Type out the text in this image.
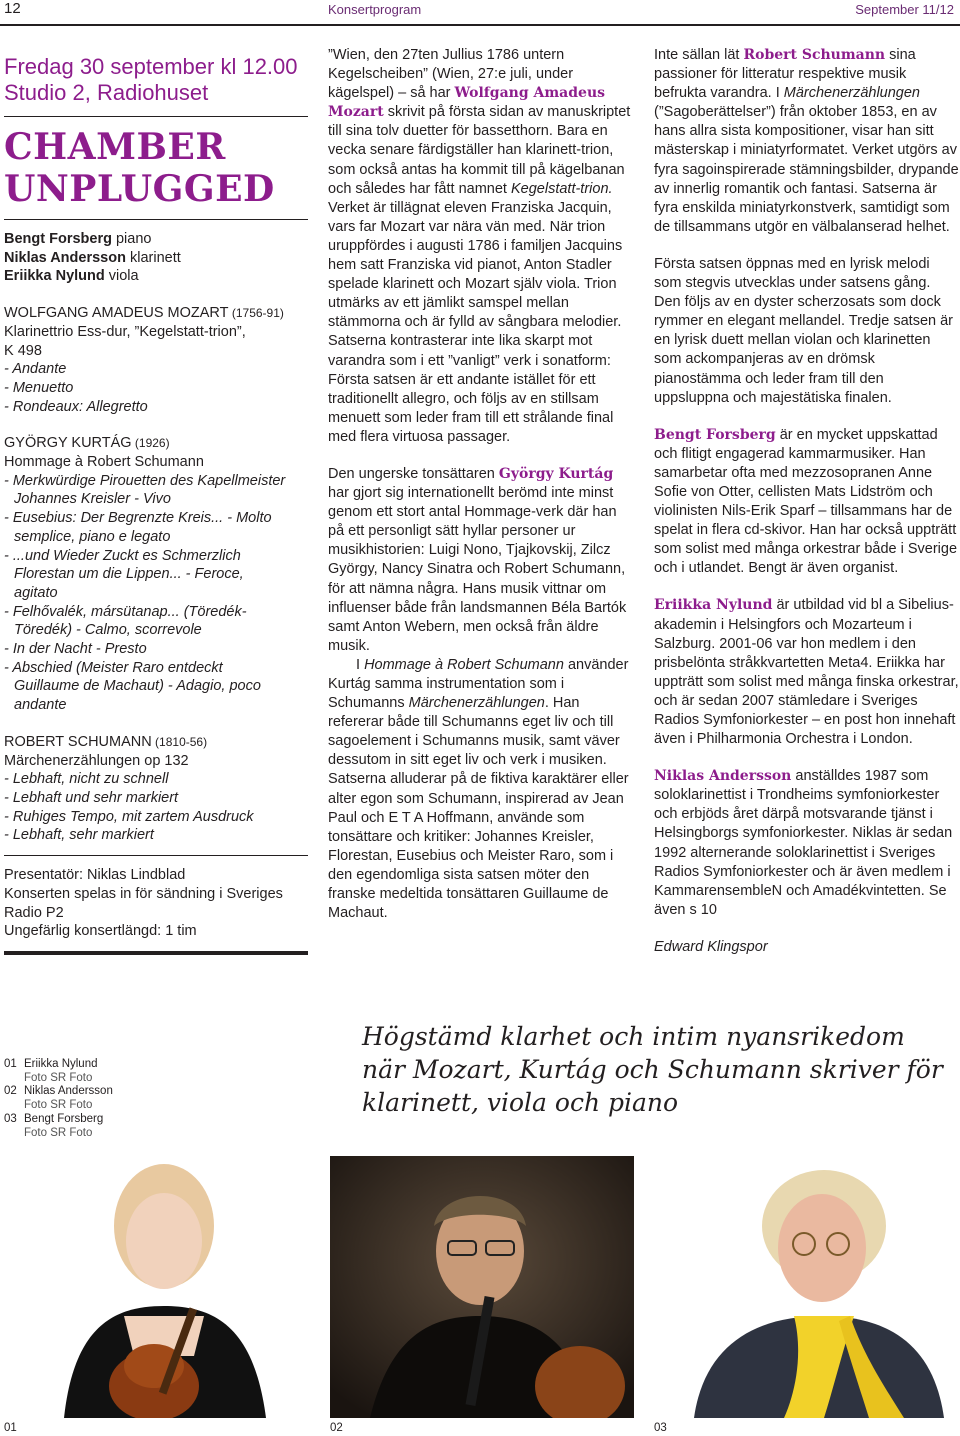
12	Konsertprogram	September 11/12
Fredag 30 september kl 12.00
Studio 2, Radiohuset
CHAMBER
UNPLUGGED
Bengt Forsberg piano
Niklas Andersson klarinett
Eriikka Nylund viola
WOLFGANG AMADEUS MOZART (1756-91)
Klarinettrio Ess-dur, ”Kegelstatt-trion”,
K 498
- Andante
- Menuetto
- Rondeaux: Allegretto
GYÖRGY KURTÁG (1926)
Hommage à Robert Schumann
- Merkwürdige Pirouetten des Kapellmeister
Johannes Kreisler - Vivo
- Eusebius: Der Begrenzte Kreis... - Molto
semplice, piano e legato
- ...und Wieder Zuckt es Schmerzlich
Florestan um die Lippen... - Feroce,
agitato
- Felhővalék, mársütanap... (Töredék-
Töredék) - Calmo, scorrevole
- In der Nacht - Presto
- Abschied (Meister Raro entdeckt
Guillaume de Machaut) - Adagio, poco
andante
ROBERT SCHUMANN (1810-56)
Märchenerzählungen op 132
- Lebhaft, nicht zu schnell
- Lebhaft und sehr markiert
- Ruhiges Tempo, mit zartem Ausdruck
- Lebhaft, sehr markiert
Presentatör: Niklas Lindblad
Konserten spelas in för sändning i Sveriges
Radio P2
Ungefärlig konsertlängd: 1 tim

”Wien, den 27ten Jullius 1786 untern Kegelscheiben” (Wien, 27:e juli, under kägelspel) – så har Wolfgang Amadeus Mozart skrivit på första sidan av manuskriptet till sina tolv duetter för bassetthorn. Bara en vecka senare färdigställer han klarinett-trion, som också antas ha kommit till på kägelbanan och således har fått namnet Kegelstatt-trion. Verket är tillägnat eleven Franziska Jacquin, vars far Mozart var nära vän med. När trion uruppfördes i augusti 1786 i familjen Jacquins hem satt Franziska vid pianot, Anton Stadler spelade klarinett och Mozart själv viola. Trion utmärks av ett jämlikt samspel mellan stämmorna och är fylld av sångbara melodier. Satserna kontrasterar inte lika skarpt mot varandra som i ett ”vanligt” verk i sonatform: Första satsen är ett andante istället för ett traditionellt allegro, och följs av en stillsam menuett som leder fram till ett strålande final med flera virtuosa passager.

Den ungerske tonsättaren György Kurtág har gjort sig internationellt berömd inte minst genom ett stort antal Hommage-verk där han på ett personligt sätt hyllar personer ur musikhistorien: Luigi Nono, Tjajkovskij, Zilcz György, Nancy Sinatra och Robert Schumann, för att nämna några. Hans musik vittnar om influenser både från landsmannen Béla Bartók samt Anton Webern, men också från äldre musik.

I Hommage à Robert Schumann använder Kurtág samma instrumentation som i Schumanns Märchenerzählungen. Han refererar både till Schumanns eget liv och till sagoelement i Schumanns musik, samt väver dessutom in sitt eget liv och verk i musiken. Satserna alluderar på de fiktiva karaktärer eller alter egon som Schumann, inspirerad av Jean Paul och E T A Hoffmann, använde som tonsättare och kritiker: Johannes Kreisler, Florestan, Eusebius och Meister Raro, som i den egendomliga sista satsen möter den franske medeltida tonsättaren Guillaume de Machaut.

Inte sällan lät Robert Schumann sina passioner för litteratur respektive musik befrukta varandra. I Märchenerzählungen (”Sagoberättelser”) från oktober 1853, en av hans allra sista kompositioner, visar han sitt mästerskap i miniatyrformatet. Verket utgörs av fyra sagoinspirerade stämningsbilder, drypande av innerlig romantik och fantasi. Satserna är fyra enskilda miniatyrkonstverk, samtidigt som de tillsammans utgör en välbalanserad helhet.

Första satsen öppnas med en lyrisk melodi som stegvis utvecklas under satsens gång. Den följs av en dyster scherzosats som dock rymmer en elegant mellandel. Tredje satsen är en lyrisk duett mellan violan och klarinetten som ackompanjeras av en drömsk pianostämma och leder fram till den uppsluppna och majestätiska finalen.

Bengt Forsberg är en mycket uppskattad och flitigt engagerad kammarmusiker. Han samarbetar ofta med mezzosopranen Anne Sofie von Otter, cellisten Mats Lidström och violinisten Nils-Erik Sparf – tillsammans har de spelat in flera cd-skivor. Han har också uppträtt som solist med många orkestrar både i Sverige och i utlandet. Bengt är även organist.

Eriikka Nylund är utbildad vid bl a Sibelius-akademin i Helsingfors och Mozarteum i Salzburg. 2001-06 var hon medlem i den prisbelönta stråkkvartetten Meta4. Eriikka har uppträtt som solist med många finska orkestrar, och är sedan 2007 stämledare i Sveriges Radios Symfoniorkester – en post hon innehaft även i Philharmonia Orchestra i London.

Niklas Andersson anställdes 1987 som soloklarinettist i Trondheims symfoniorkester och erbjöds året därpå motsvarande tjänst i Helsingborgs symfoniorkester. Niklas är sedan 1992 alternerande soloklarinettist i Sveriges Radios Symfoniorkester och är även medlem i KammarensembleN och Amadékvintetten. Se även s 10

Edward Klingspor

01 Eriikka Nylund
Foto SR Foto
02 Niklas Andersson
Foto SR Foto
03 Bengt Forsberg
Foto SR Foto
Högstämd klarhet och intim nyansrikedom när Mozart, Kurtág och Schumann skriver för klarinett, viola och piano
01	02	03
